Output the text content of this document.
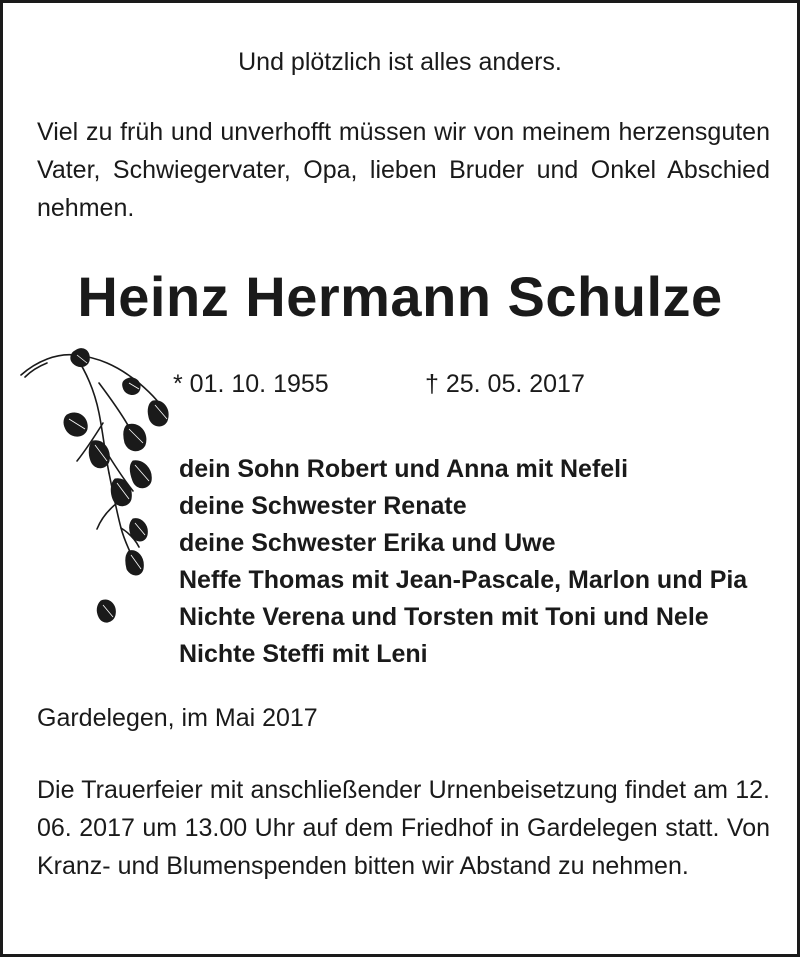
Und plötzlich ist alles anders.
Viel zu früh und unverhofft müssen wir von meinem herzensguten Vater, Schwiegervater, Opa, lieben Bruder und Onkel Abschied nehmen.
Heinz Hermann Schulze
* 01. 10. 1955	† 25. 05. 2017
dein Sohn Robert und Anna mit Nefeli
deine Schwester Renate
deine Schwester Erika und Uwe
Neffe Thomas mit Jean-Pascale, Marlon und Pia
Nichte Verena und Torsten mit Toni und Nele
Nichte Steffi mit Leni
Gardelegen, im Mai 2017
Die Trauerfeier mit anschließender Urnenbeisetzung findet am 12. 06. 2017 um 13.00 Uhr auf dem Friedhof in Gardelegen statt. Von Kranz- und Blumenspenden bitten wir Abstand zu nehmen.
